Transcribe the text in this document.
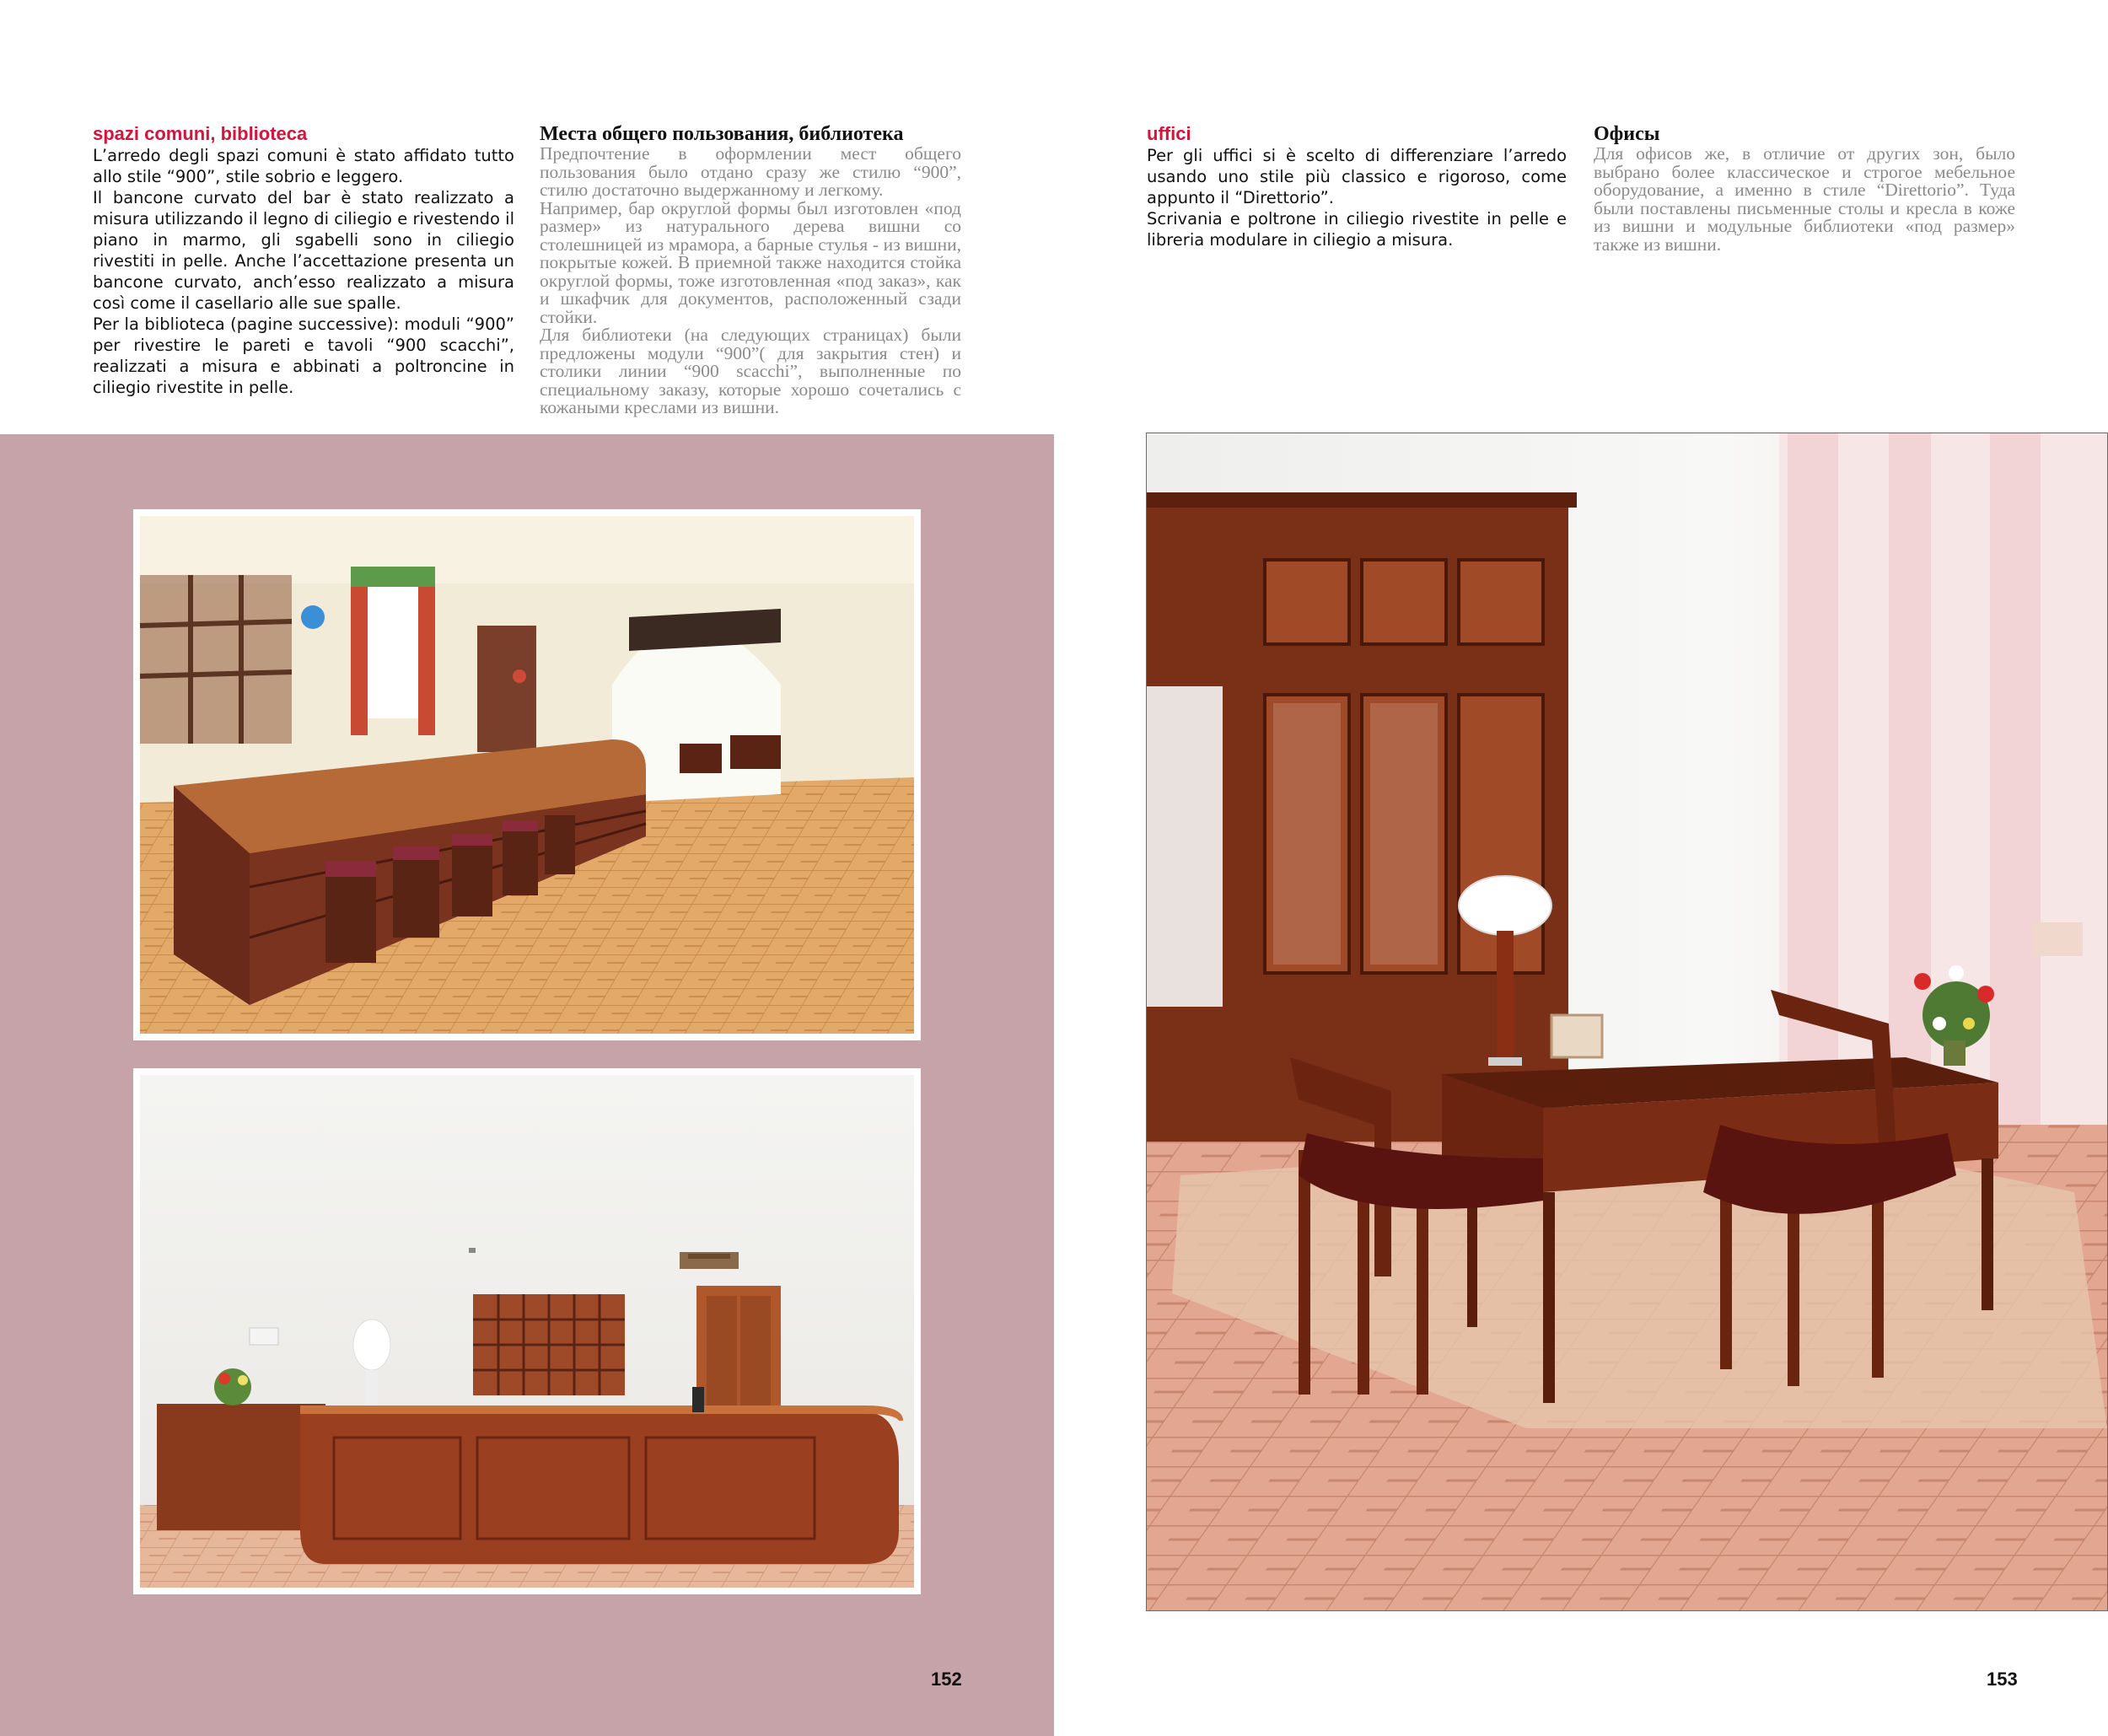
spazi comuni, biblioteca

L’arredo degli spazi comuni è stato affidato tutto allo stile “900”, stile sobrio e leggero.

Il bancone curvato del bar è stato realizzato a misura utilizzando il legno di ciliegio e rivestendo il piano in marmo, gli sgabelli sono in ciliegio rivestiti in pelle. Anche l’accettazione presenta un bancone curvato, anch’esso realizzato a misura così come il casellario alle sue spalle.

Per la biblioteca (pagine successive): moduli “900” per rivestire le pareti e tavoli “900 scacchi”, realizzati a misura e abbinati a poltroncine in ciliegio rivestite in pelle.

Места общего пользования, библиотека

Предпочтение в оформлении мест общего пользования было отдано сразу же стилю “900”, стилю достаточно выдержанному и легкому.

Например, бар округлой формы был изготовлен «под размер» из натурального дерева вишни со столешницей из мрамора, а барные стулья - из вишни, покрытые кожей. В приемной также находится стойка округлой формы, тоже изготовленная «под заказ», как и шкафчик для документов, расположенный сзади стойки.

Для библиотеки (на следующих страницах) были предложены модули “900”( для закрытия стен) и столики линии “900 scacchi”, выполненные по специальному заказу, которые хорошо сочетались с кожаными креслами из вишни.

uffici

Per gli uffici si è scelto di differenziare l’arredo usando uno stile più classico e rigoroso, come appunto il “Direttorio”.

Scrivania e poltrone in ciliegio rivestite in pelle e libreria modulare in ciliegio a misura.

Офисы

Для офисов же, в отличие от других зон, было выбрано более классическое и строгое мебельное оборудование, а именно в стиле “Direttorio”. Туда были поставлены письменные столы и кресла в коже из вишни и модульные библиотеки «под размер» также из вишни.

152	153
